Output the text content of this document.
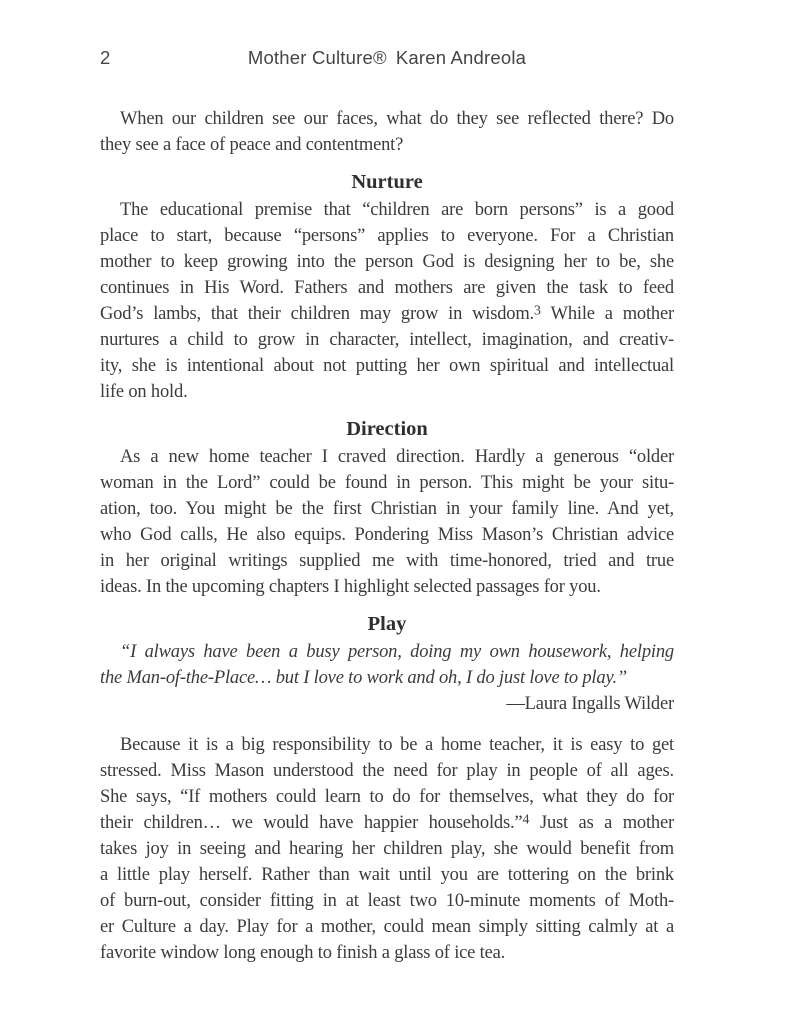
2	Mother Culture® Karen Andreola
When our children see our faces, what do they see reflected there? Do
they see a face of peace and contentment?
Nurture
The educational premise that “children are born persons” is a good
place to start, because “persons” applies to everyone. For a Christian
mother to keep growing into the person God is designing her to be, she
continues in His Word. Fathers and mothers are given the task to feed
God’s lambs, that their children may grow in wisdom.$^3$ While a mother
nurtures a child to grow in character, intellect, imagination, and creativ-
ity, she is intentional about not putting her own spiritual and intellectual
life on hold.
Direction
As a new home teacher I craved direction. Hardly a generous “older
woman in the Lord” could be found in person. This might be your situ-
ation, too. You might be the first Christian in your family line. And yet,
who God calls, He also equips. Pondering Miss Mason’s Christian advice
in her original writings supplied me with time-honored, tried and true
ideas. In the upcoming chapters I highlight selected passages for you.
Play
“I always have been a busy person, doing my own housework, helping
the Man-of-the-Place… but I love to work and oh, I do just love to play.”
—Laura Ingalls Wilder
Because it is a big responsibility to be a home teacher, it is easy to get
stressed. Miss Mason understood the need for play in people of all ages.
She says, “If mothers could learn to do for themselves, what they do for
their children… we would have happier households.”$^4$ Just as a mother
takes joy in seeing and hearing her children play, she would benefit from
a little play herself. Rather than wait until you are tottering on the brink
of burn-out, consider fitting in at least two 10-minute moments of Moth-
er Culture a day. Play for a mother, could mean simply sitting calmly at a
favorite window long enough to finish a glass of ice tea.
